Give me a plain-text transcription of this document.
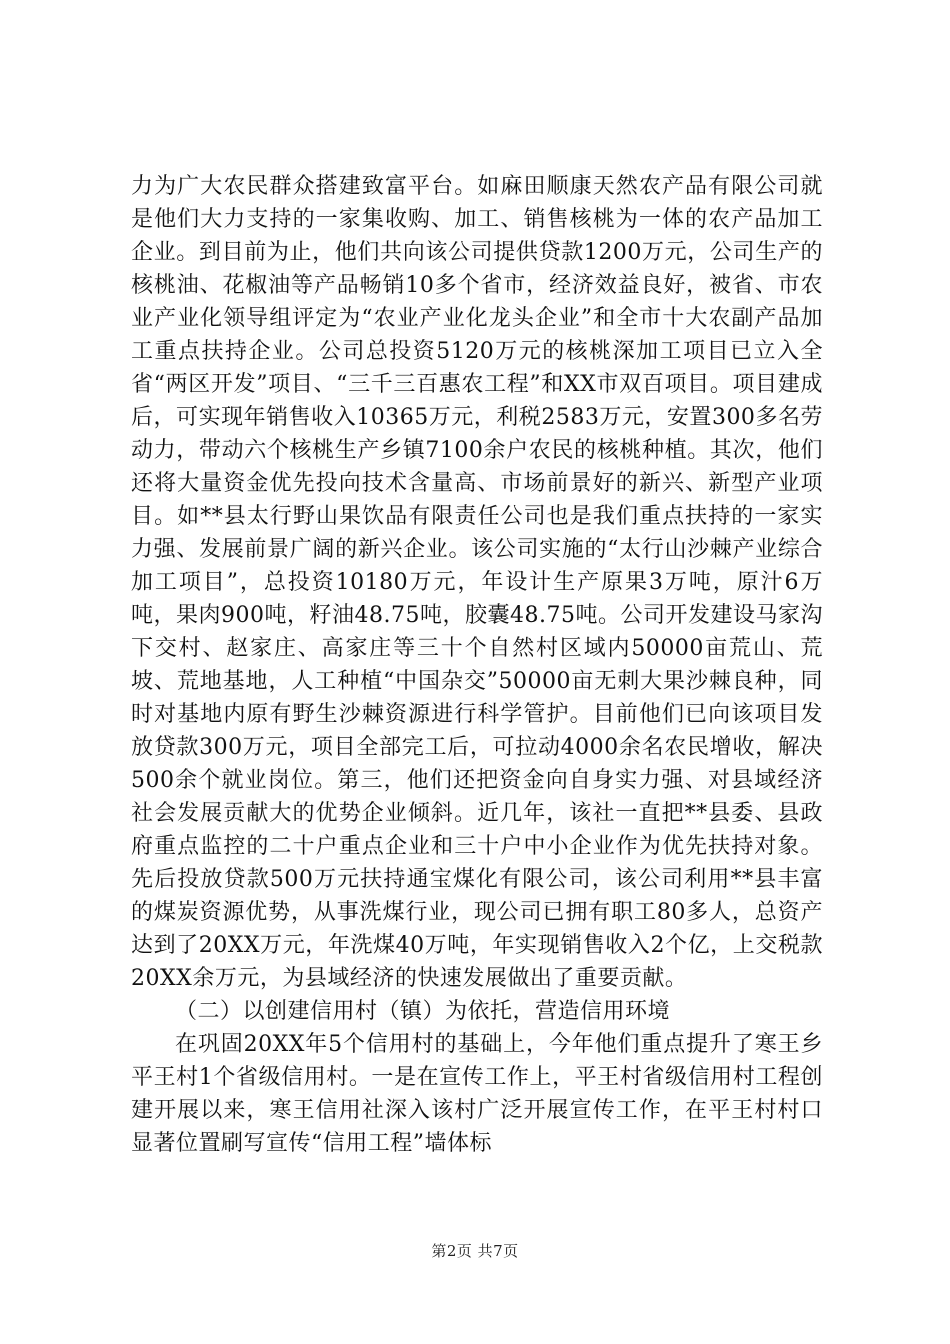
力为广大农民群众搭建致富平台。如麻田顺康天然农产品有限公司就是他们大力支持的一家集收购、加工、销售核桃为一体的农产品加工企业。到目前为止，他们共向该公司提供贷款1200万元，公司生产的核桃油、花椒油等产品畅销10多个省市，经济效益良好，被省、市农业产业化领导组评定为“农业产业化龙头企业”和全市十大农副产品加工重点扶持企业。公司总投资5120万元的核桃深加工项目已立入全省“两区开发”项目、“三千三百惠农工程”和XX市双百项目。项目建成后，可实现年销售收入10365万元，利税2583万元，安置300多名劳动力，带动六个核桃生产乡镇7100余户农民的核桃种植。其次，他们还将大量资金优先投向技术含量高、市场前景好的新兴、新型产业项目。如**县太行野山果饮品有限责任公司也是我们重点扶持的一家实力强、发展前景广阔的新兴企业。该公司实施的“太行山沙棘产业综合加工项目”，总投资10180万元，年设计生产原果3万吨，原汁6万吨，果肉900吨，籽油48.75吨，胶囊48.75吨。公司开发建设马家沟下交村、赵家庄、高家庄等三十个自然村区域内50000亩荒山、荒坡、荒地基地，人工种植“中国杂交”50000亩无刺大果沙棘良种，同时对基地内原有野生沙棘资源进行科学管护。目前他们已向该项目发放贷款300万元，项目全部完工后，可拉动4000余名农民增收，解决500余个就业岗位。第三，他们还把资金向自身实力强、对县域经济社会发展贡献大的优势企业倾斜。近几年，该社一直把**县委、县政府重点监控的二十户重点企业和三十户中小企业作为优先扶持对象。先后投放贷款500万元扶持通宝煤化有限公司，该公司利用**县丰富的煤炭资源优势，从事洗煤行业，现公司已拥有职工80多人，总资产达到了20XX万元，年洗煤40万吨，年实现销售收入2个亿，上交税款20XX余万元，为县域经济的快速发展做出了重要贡献。

（二）以创建信用村（镇）为依托，营造信用环境

在巩固20XX年5个信用村的基础上，今年他们重点提升了寒王乡平王村1个省级信用村。一是在宣传工作上，平王村省级信用村工程创建开展以来，寒王信用社深入该村广泛开展宣传工作，在平王村村口显著位置刷写宣传“信用工程”墙体标

第2页 共7页
